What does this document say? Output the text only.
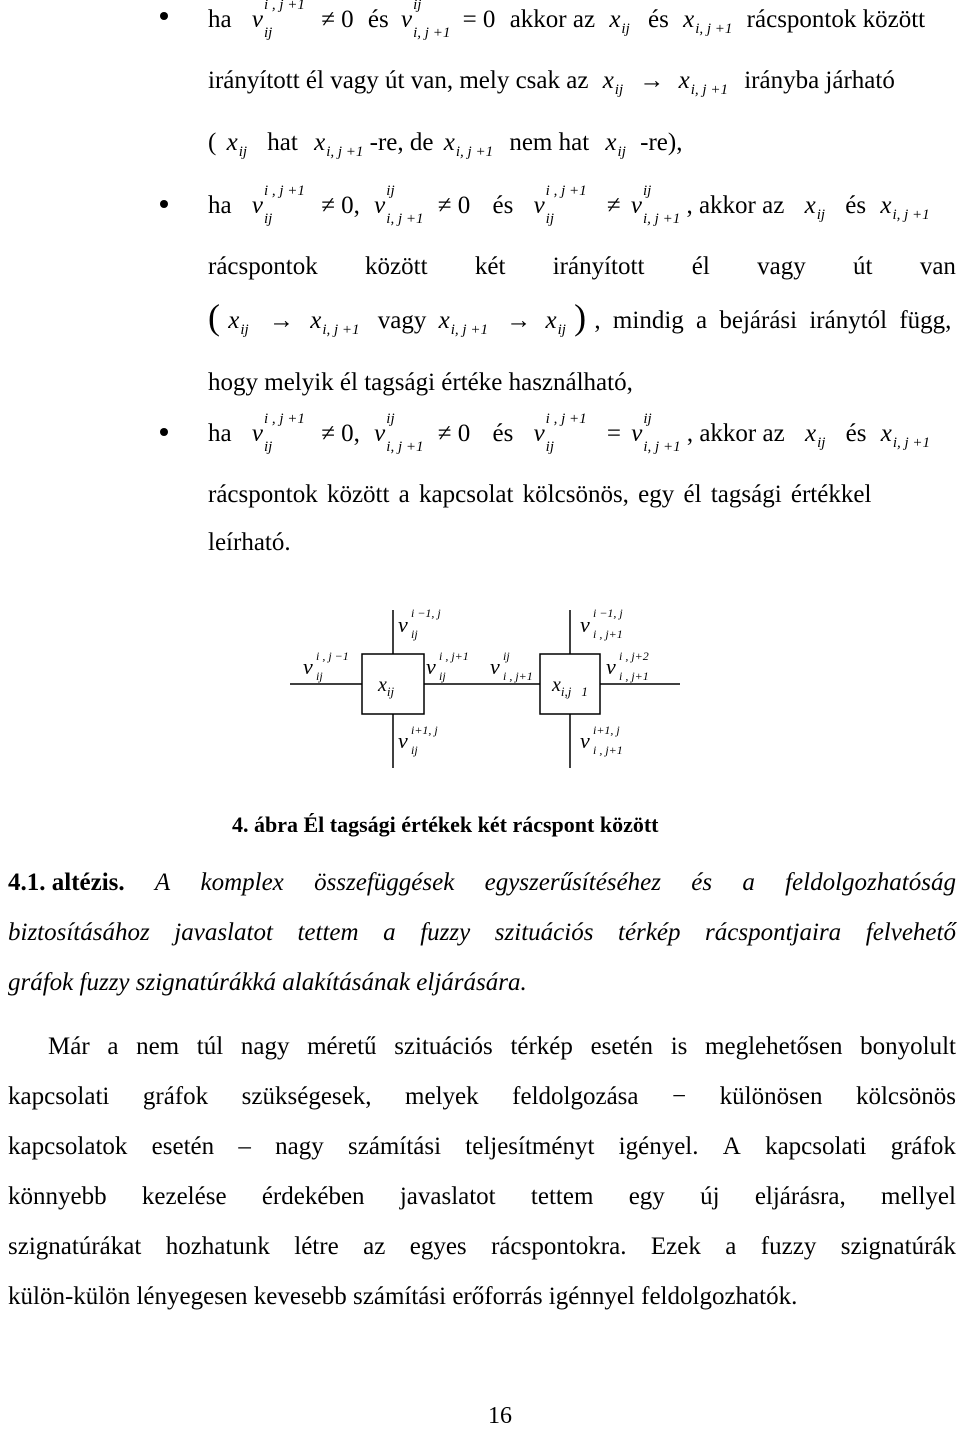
ha ν
i , j +1
ij	≠ 0 és ν
ij
i, j +1 = 0 akkor az $x_{ij}$ és $x_{i, j +1}$ rácspontok között
irányított él vagy út van, mely csak az $x_{ij} \to x_{i, j +1}$ irányba járható
( $x_{ij}$ hat $x_{i, j +1}$ -re, de $x_{i, j +1}$ nem hat $x_{ij}$ -re),
ha ν
i , j +1
ij	≠ 0, ν
ij
i, j +1 ≠ 0 és ν
i , j +1
ij	≠ ν
ij
i, j +1 , akkor az $x_{ij}$ és $x_{i, j +1}$
rácspontok között két irányított él vagy út van
( $x_{ij} \to x_{i, j +1}$ vagy $x_{i, j +1} \to x_{ij}$ ) , mindig a bejárási iránytól függ,
hogy melyik él tagsági értéke használható,
ha ν
i , j +1
ij	≠ 0, ν
ij
i, j +1 ≠ 0 és ν
i , j +1
ij	= ν
ij
i, j +1 , akkor az $x_{ij}$ és $x_{i, j +1}$
rácspontok között a kapcsolat kölcsönös, egy él tagsági értékkel
leírható.
$x_{ij}$	$x_{i,j}$ 1
ν i −1, j
ij	ν i −1, j
i , j+1
ν i , j −1
ij	ν i , j+1
ij ν ij
i , j+1	ν i , j+2
i , j+1
ν i+1, j
ij	ν i+1, j
i , j+1
4. ábra Él tagsági értékek két rácspont között
4.1. altézis. A komplex összefüggések egyszerűsítéséhez és a feldolgozhatóság
biztosításához javaslatot tettem a fuzzy szituációs térkép rácspontjaira felvehető
gráfok fuzzy szignatúrákká alakításának eljárására.
Már a nem túl nagy méretű szituációs térkép esetén is meglehetősen bonyolult
kapcsolati gráfok szükségesek, melyek feldolgozása − különösen kölcsönös
kapcsolatok esetén – nagy számítási teljesítményt igényel. A kapcsolati gráfok
könnyebb kezelése érdekében javaslatot tettem egy új eljárásra, mellyel
szignatúrákat hozhatunk létre az egyes rácspontokra. Ezek a fuzzy szignatúrák
külön-külön lényegesen kevesebb számítási erőforrás igénnyel feldolgozhatók.
16
